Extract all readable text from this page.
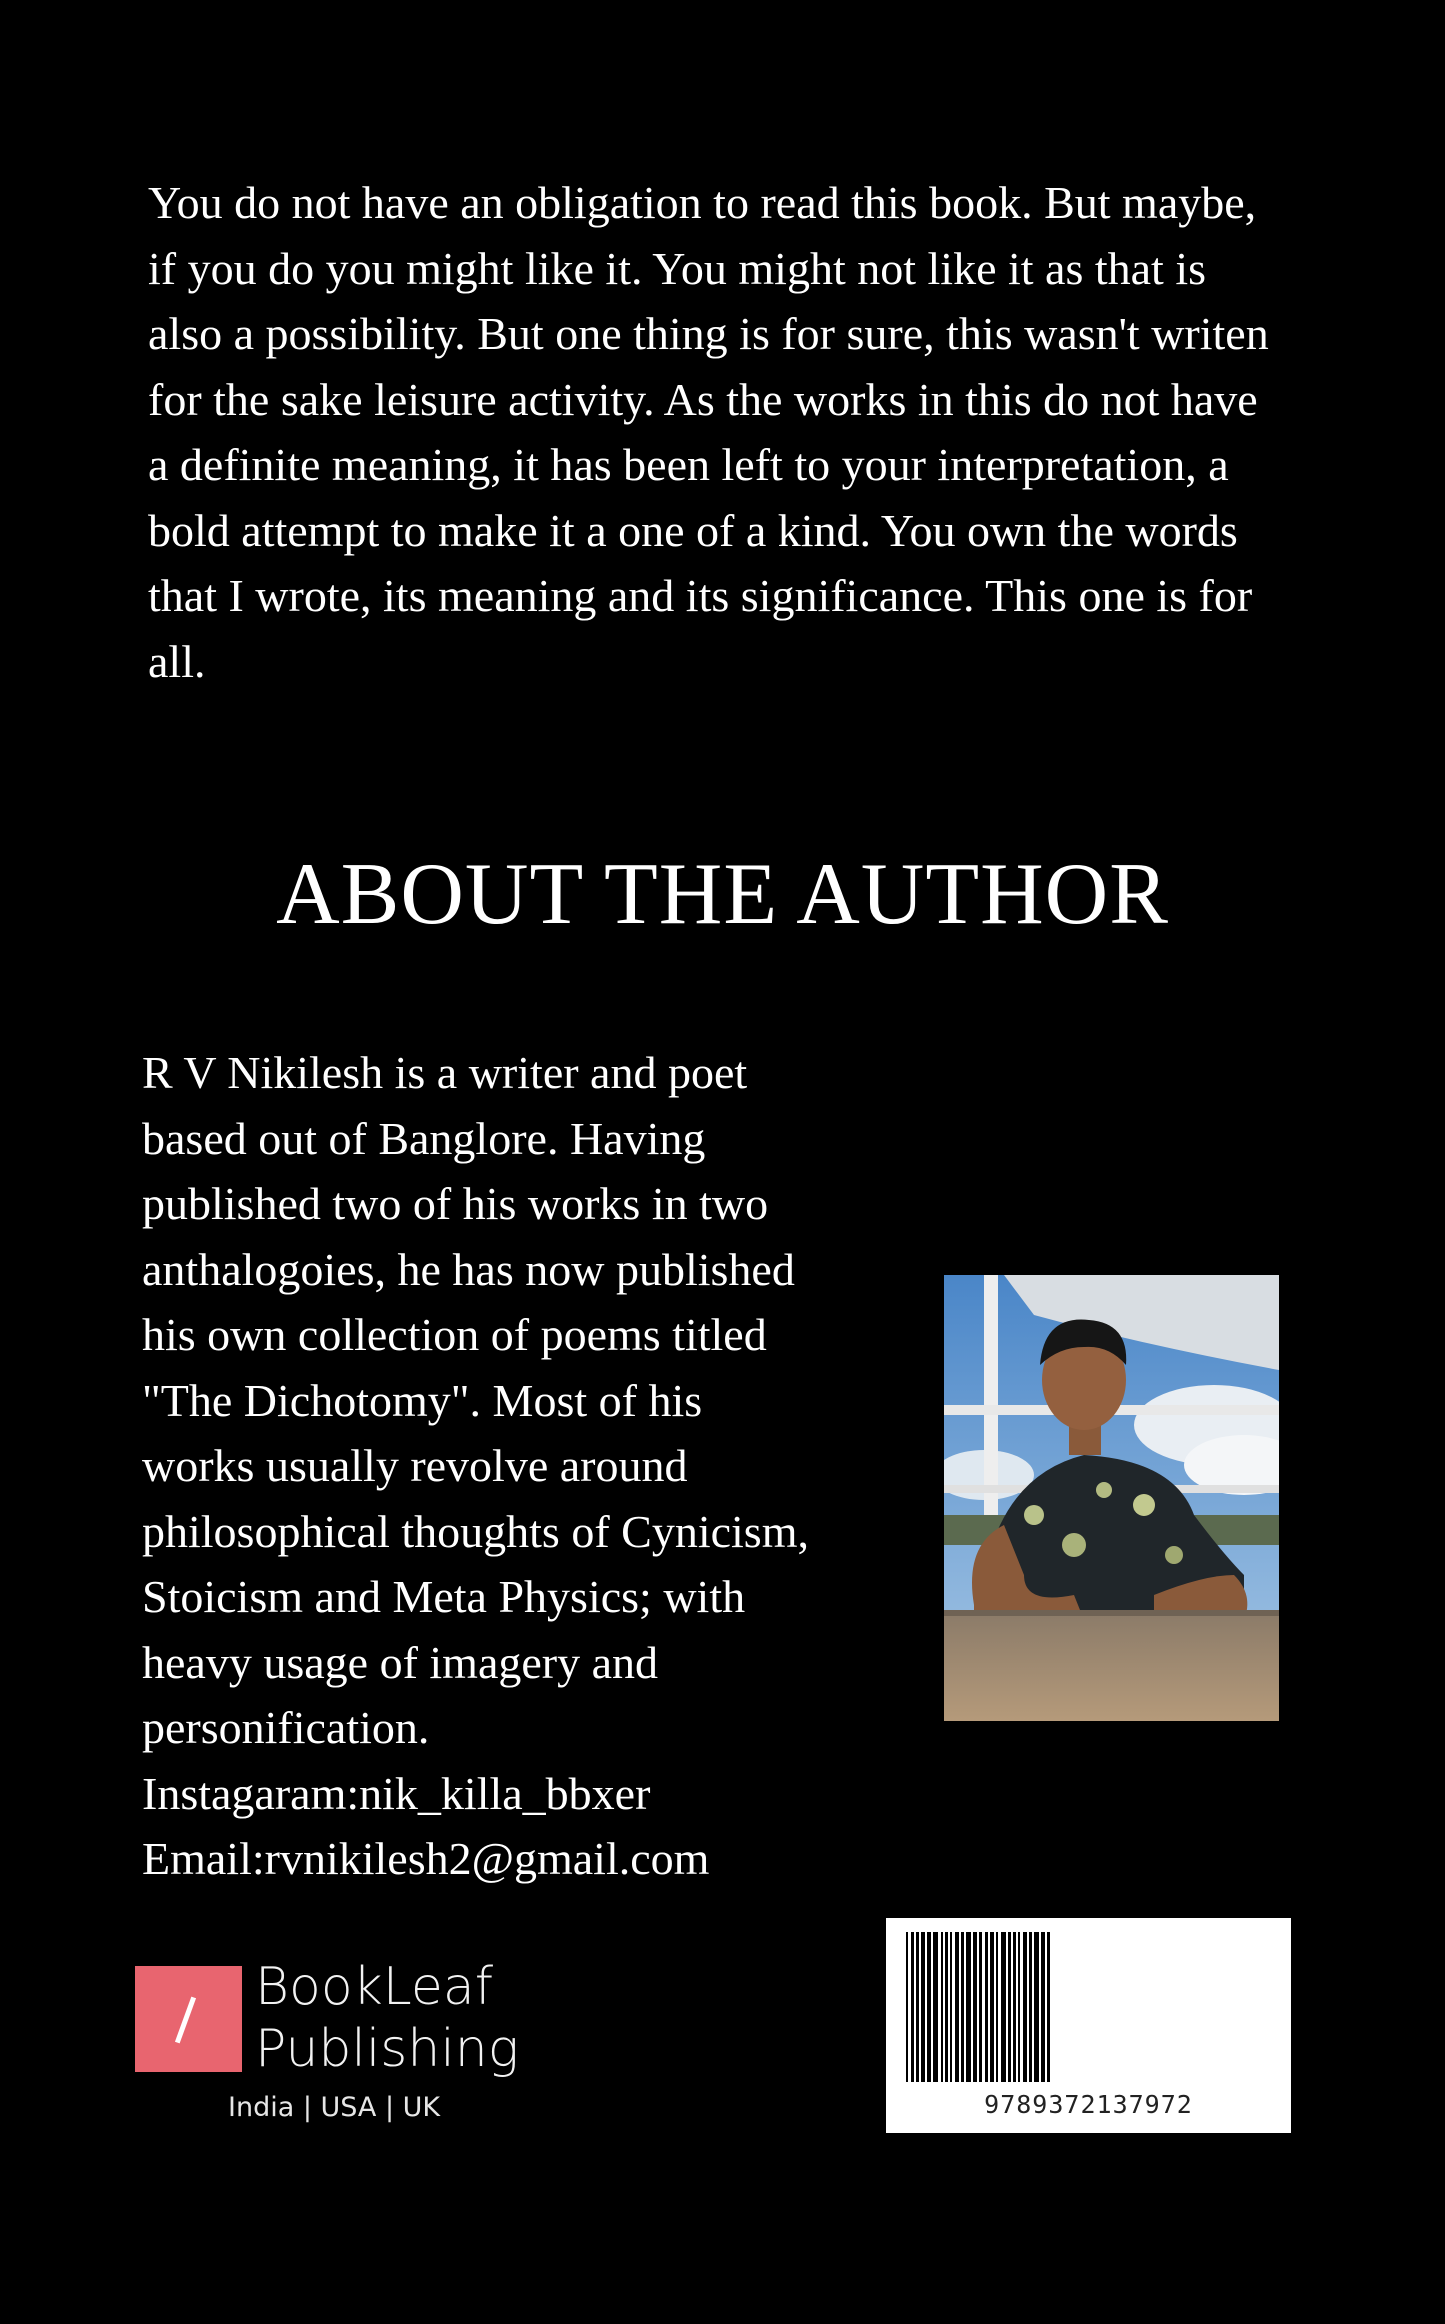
You do not have an obligation to read this book. But maybe, if you do you might like it. You might not like it as that is also a possibility. But one thing is for sure, this wasn't writen for the sake leisure activity. As the works in this do not have a definite meaning, it has been left to your interpretation, a bold attempt to make it a one of a kind. You own the words that I wrote, its meaning and its significance. This one is for all.

ABOUT THE AUTHOR

R V Nikilesh is a writer and poet
based out of Banglore. Having
published two of his works in two
anthalogoies, he has now published
his own collection of poems titled
"The Dichotomy". Most of his
works usually revolve around
philosophical thoughts of Cynicism,
Stoicism and Meta Physics; with
heavy usage of imagery and
personification.
Instagaram:nik_killa_bbxer
Email:rvnikilesh2@gmail.com

BookLeaf
Publishing
India | USA | UK	9789372137972
